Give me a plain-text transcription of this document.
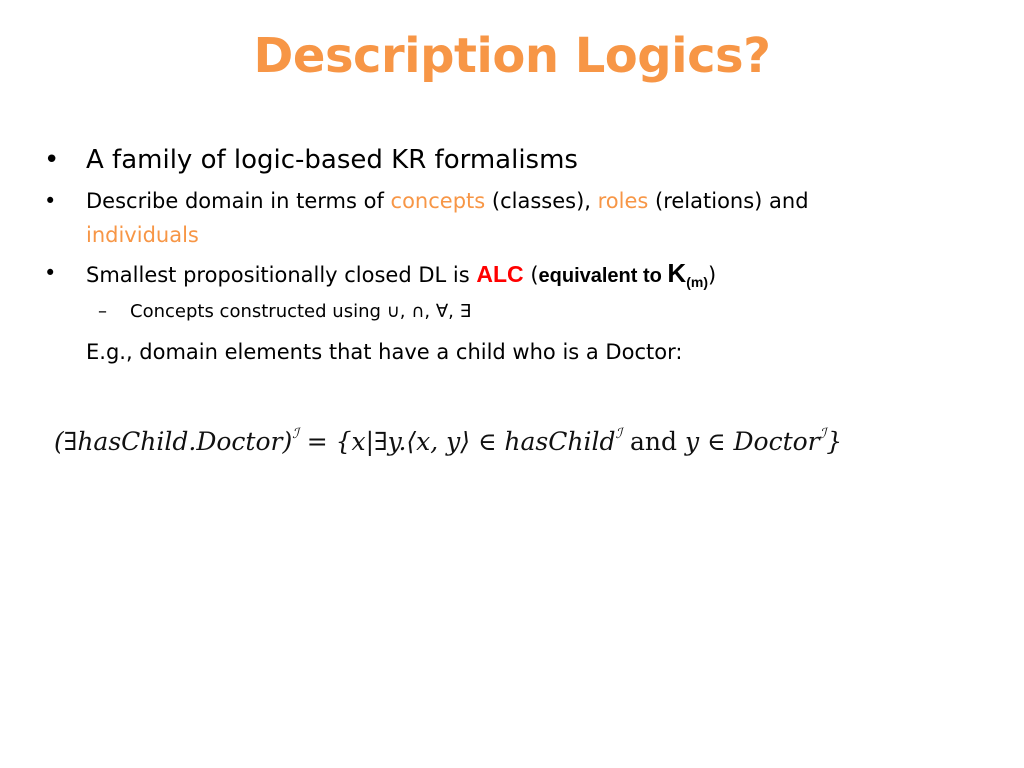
Description Logics?
• A family of logic-based KR formalisms
• Describe domain in terms of concepts (classes), roles (relations) and
individuals
• Smallest propositionally closed DL is ALC (equivalent to $K_{(m)}$)
– Concepts constructed using ∪, ∩, ∀, ∃
E.g., domain elements that have a child who is a Doctor:
(∃hasChild.Doctor)$^ℐ$ = {x|∃y.⟨x, y⟩ ∈ hasChild$^ℐ$ and y ∈ Doctor$^ℐ$}
